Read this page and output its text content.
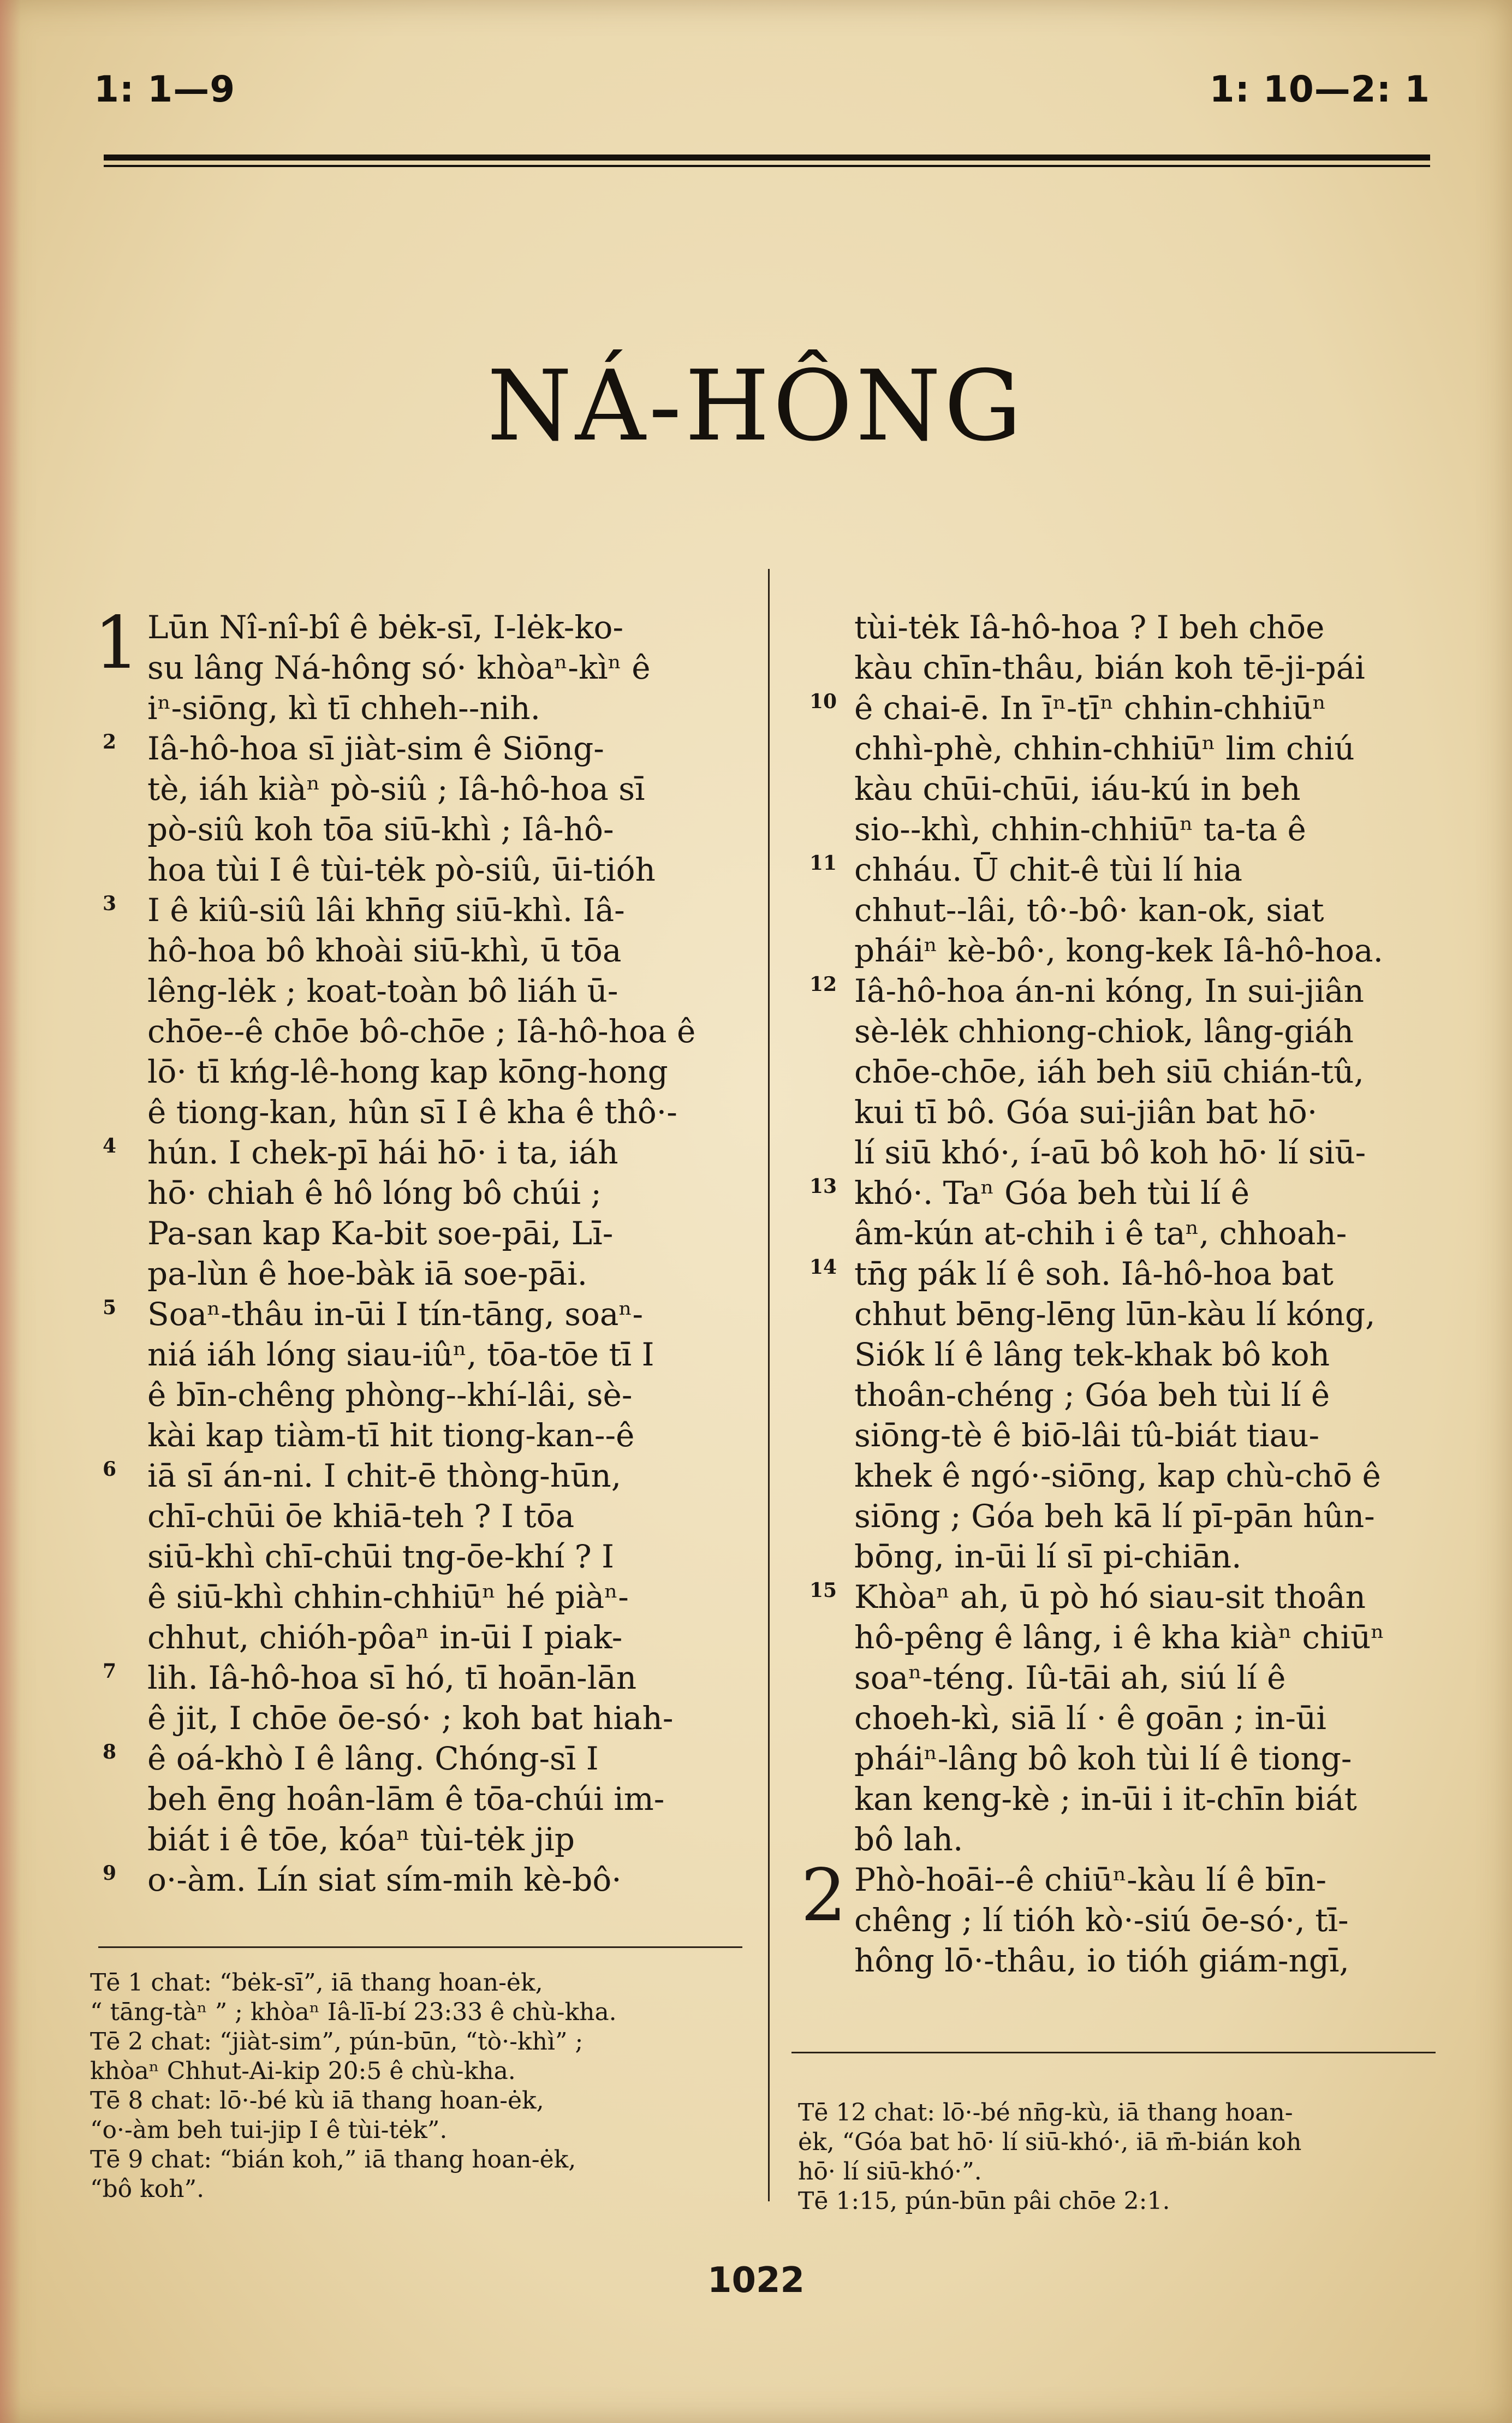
1: 1—9	1: 10—2: 1
NÁ-HÔNG
1 Lūn Nî-nî-bî ê bėk-sī, I-lėk-ko-
su lâng Ná-hông só· khòaⁿ-kìⁿ ê
iⁿ-siōng, kì tī chheh--nih.
2 Iâ-hô-hoa sī jiàt-sim ê Siōng-
tè, iáh kiàⁿ pò-siû ; Iâ-hô-hoa sī
pò-siû koh tōa siū-khì ; Iâ-hô-
hoa tùi I ê tùi-tėk pò-siû, ūi-tióh
3 I ê kiû-siû lâi khn̄g siū-khì. Iâ-
hô-hoa bô khoài siū-khì, ū tōa
lêng-lėk ; koat-toàn bô liáh ū-
chōe--ê chōe bô-chōe ; Iâ-hô-hoa ê
lō· tī kńg-lê-hong kap kōng-hong
ê tiong-kan, hûn sī I ê kha ê thô·-
4 hún. I chek-pī hái hō· i ta, iáh
hō· chiah ê hô lóng bô chúi ;
Pa-san kap Ka-bit soe-pāi, Lī-
pa-lùn ê hoe-bàk iā soe-pāi.
5 Soaⁿ-thâu in-ūi I tín-tāng, soaⁿ-
niá iáh lóng siau-iûⁿ, tōa-tōe tī I
ê bīn-chêng phòng--khí-lâi, sè-
kài kap tiàm-tī hit tiong-kan--ê
6 iā sī án-ni. I chit-ē thòng-hūn,
chī-chūi ōe khiā-teh ? I tōa
siū-khì chī-chūi tng-ōe-khí ? I
ê siū-khì chhin-chhiūⁿ hé piàⁿ-
chhut, chióh-pôaⁿ in-ūi I piak-
7 lih. Iâ-hô-hoa sī hó, tī hoān-lān
ê jit, I chōe ōe-só· ; koh bat hiah-
8 ê oá-khò I ê lâng. Chóng-sī I
beh ēng hoân-lām ê tōa-chúi im-
biát i ê tōe, kóaⁿ tùi-tėk jip
9 o·-àm. Lín siat sím-mih kè-bô·
tùi-tėk Iâ-hô-hoa ? I beh chōe
kàu chīn-thâu, bián koh tē-ji-pái
10 ê chai-ē. In īⁿ-tīⁿ chhin-chhiūⁿ
chhì-phè, chhin-chhiūⁿ lim chiú
kàu chūi-chūi, iáu-kú in beh
sio--khì, chhin-chhiūⁿ ta-ta ê
11 chháu. Ū chit-ê tùi lí hia
chhut--lâi, tô·-bô· kan-ok, siat
pháiⁿ kè-bô·, kong-kek Iâ-hô-hoa.
12 Iâ-hô-hoa án-ni kóng, In sui-jiân
sè-lėk chhiong-chiok, lâng-giáh
chōe-chōe, iáh beh siū chián-tû,
kui tī bô. Góa sui-jiân bat hō·
lí siū khó·, í-aū bô koh hō· lí siū-
13 khó·. Taⁿ Góa beh tùi lí ê
âm-kún at-chih i ê taⁿ, chhoah-
14 tn̄g pák lí ê soh. Iâ-hô-hoa bat
chhut bēng-lēng lūn-kàu lí kóng,
Siók lí ê lâng tek-khak bô koh
thoân-chéng ; Góa beh tùi lí ê
siōng-tè ê biō-lâi tû-biát tiau-
khek ê ngó·-siōng, kap chù-chō ê
siōng ; Góa beh kā lí pī-pān hûn-
bōng, in-ūi lí sī pi-chiān.
15 Khòaⁿ ah, ū pò hó siau-sit thoân
hô-pêng ê lâng, i ê kha kiàⁿ chiūⁿ
soaⁿ-téng. Iû-tāi ah, siú lí ê
choeh-kì, siā lí · ê goān ; in-ūi
pháiⁿ-lâng bô koh tùi lí ê tiong-
kan keng-kè ; in-ūi i it-chīn biát
bô lah.
2 Phò-hoāi--ê chiūⁿ-kàu lí ê bīn-
chêng ; lí tióh kò·-siú ōe-só·, tī-
hông lō·-thâu, io tióh giám-ngī,
Tē 1 chat: “bėk-sī”, iā thang hoan-ėk,
“ tāng-tàⁿ ” ; khòaⁿ Iâ-lī-bí 23:33 ê chù-kha.
Tē 2 chat: “jiàt-sim”, pún-būn, “tò·-khì” ;
khòaⁿ Chhut-Ai-kip 20:5 ê chù-kha.
Tē 8 chat: lō·-bé kù iā thang hoan-ėk,
“o·-àm beh tui-jip I ê tùi-tėk”.
Tē 9 chat: “bián koh,” iā thang hoan-ėk,
“bô koh”.
Tē 12 chat: lō·-bé nn̄g-kù, iā thang hoan-
ėk, “Góa bat hō· lí siū-khó·, iā m̄-bián koh
hō· lí siū-khó·”.
Tē 1:15, pún-būn pâi chōe 2:1.
1022
